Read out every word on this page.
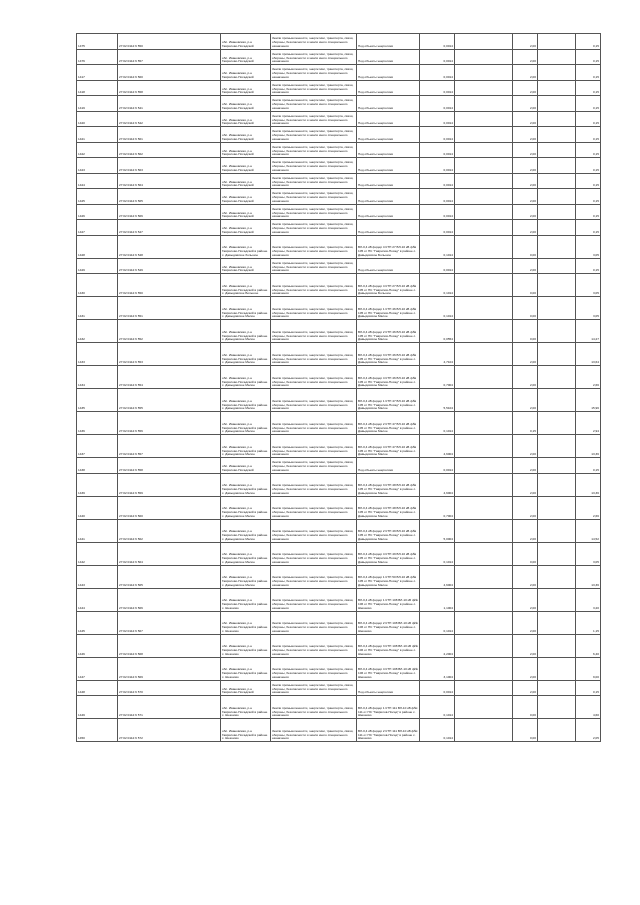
1475	27:02:0112:6 550	обл. Ивановская, р-н Гаврилово-Посадский	Земли промышленности, энергетики, транспорта, связи, обороны, безопасности и земли иного специального назначения	Под объекты энергетики	0,0014		2,00		0,15
1476	27:02:0112:6 557	обл. Ивановская, р-н Гаврилово-Посадский	Земли промышленности, энергетики, транспорта, связи, обороны, безопасности и земли иного специального назначения	Под объекты энергетики	0,0014		2,00		0,15
1417	27:02:0112:6 560	обл. Ивановская, р-н Гаврилово-Посадский	Земли промышленности, энергетики, транспорта, связи, обороны, безопасности и земли иного специального назначения	Под объекты энергетики	0,0014		2,00		0,15
1418	27:02:0112:6 558	обл. Ивановская, р-н Гаврилово-Посадский	Земли промышленности, энергетики, транспорта, связи, обороны, безопасности и земли иного специального назначения	Под объекты энергетики	0,0014		2,00		0,15
1419	27:02:0112:6 541	обл. Ивановская, р-н Гаврилово-Посадский	Земли промышленности, энергетики, транспорта, связи, обороны, безопасности и земли иного специального назначения	Под объекты энергетики	0,0014		2,00		0,15
1420	27:02:0112:6 542	обл. Ивановская, р-н Гаврилово-Посадский	Земли промышленности, энергетики, транспорта, связи, обороны, безопасности и земли иного специального назначения	Под объекты энергетики	0,0014		2,00		0,15
1421	27:02:0112:6 561	обл. Ивановская, р-н Гаврилово-Посадский	Земли промышленности, энергетики, транспорта, связи, обороны, безопасности и земли иного специального назначения	Под объекты энергетики	0,0014		2,00		0,15
1422	27:02:0112:6 562	обл. Ивановская, р-н Гаврилово-Посадский	Земли промышленности, энергетики, транспорта, связи, обороны, безопасности и земли иного специального назначения	Под объекты энергетики	0,0014		2,00		0,15
1423	27:02:0112:6 563	обл. Ивановская, р-н Гаврилово-Посадский	Земли промышленности, энергетики, транспорта, связи, обороны, безопасности и земли иного специального назначения	Под объекты энергетики	0,0014		2,00		0,15
1424	27:02:0112:6 564	обл. Ивановская, р-н Гаврилово-Посадский	Земли промышленности, энергетики, транспорта, связи, обороны, безопасности и земли иного специального назначения	Под объекты энергетики	0,0014		2,00		0,15
1425	27:02:0112:6 565	обл. Ивановская, р-н Гаврилово-Посадский	Земли промышленности, энергетики, транспорта, связи, обороны, безопасности и земли иного специального назначения	Под объекты энергетики	0,0014		2,00		0,15
1426	27:02:0112:6 566	обл. Ивановская, р-н Гаврилово-Посадский	Земли промышленности, энергетики, транспорта, связи, обороны, безопасности и земли иного специального назначения	Под объекты энергетики	0,0014		2,00		0,15
1427	27:02:0112:6 547	обл. Ивановская, р-н Гаврилово-Посадский	Земли промышленности, энергетики, транспорта, связи, обороны, безопасности и земли иного специального назначения	Под объекты энергетики	0,0014		2,00		0,15
1428	27:02:0112:6 548	обл. Ивановская, р-н Гаврилово-Посадский в районе с. Давыдовское большое	Земли промышленности, энергетики, транспорта, связи, обороны, безопасности и земли иного специального назначения	ВЛ-0,4 кВ фидер 4 КТП 27 ВЛ-10 кВ ф№ 105 от ПС "Гаврилов-Посад" в районе с. Давыдовское Большое	0,1014		0,00		3,05
1429	27:02:0112:6 549	обл. Ивановская, р-н Гаврилово-Посадский	Земли промышленности, энергетики, транспорта, связи, обороны, безопасности и земли иного специального назначения	Под объекты энергетики	0,0014		2,00		0,15
1430	27:02:0112:6 550	обл. Ивановская, р-н Гаврилово-Посадский в районе с. Давыдовское Большое	Земли промышленности, энергетики, транспорта, связи, обороны, безопасности и земли иного специального назначения	ВЛ-0,4 кВ фидер 4 КТП 27 ВЛ-10 кВ ф№ 105 от ПС "Гаврилов-Посад" в районе с. Давыдовское Большое	0,1014		0,00		3,05
1431	27:02:0112:6 551	обл. Ивановская, р-н Гаврилово-Посадский в районе с. Давыдовское Малое	Земли промышленности, энергетики, транспорта, связи, обороны, безопасности и земли иного специального назначения	ВЛ-0,4 кВ фидер 1 КТП 46 ВЛ-10 кВ ф№ 105 от ПС "Гаврилов-Посад" в районе с. Давыдовское Малое	0,1014		0,00		3,05
1432	27:02:0112:6 552	обл. Ивановская, р-н Гаврилово-Посадский в районе с. Давыдовское Малое	Земли промышленности, энергетики, транспорта, связи, обороны, безопасности и земли иного специального назначения	ВЛ-0,4 кВ фидер 2 КТП 46 ВЛ-10 кВ ф№ 105 от ПС "Гаврилов-Посад" в районе с. Давыдовское Малое	0,0554		0,00		14,27
1433	27:02:0112:6 553	обл. Ивановская, р-н Гаврилово-Посадский в районе с. Давыдовское Малое	Земли промышленности, энергетики, транспорта, связи, обороны, безопасности и земли иного специального назначения	ВЛ-0,4 кВ фидер 3 КТП 46 ВЛ-10 кВ ф№ 105 от ПС "Гаврилов-Посад" в районе с. Давыдовское Малое	4,7104		2,00		13,64
1434	27:02:0112:6 554	обл. Ивановская, р-н Гаврилово-Посадский в районе с. Давыдовское Малое	Земли промышленности, энергетики, транспорта, связи, обороны, безопасности и земли иного специального назначения	ВЛ-0,4 кВ фидер 4 КТП 46 ВЛ-10 кВ ф№ 105 от ПС "Гаврилов-Посад" в районе с. Давыдовское Малое	0,7004		2,00		2,66
1435	27:02:0112:6 555	обл. Ивановская, р-н Гаврилово-Посадский в районе с. Давыдовское Малое	Земли промышленности, энергетики, транспорта, связи, обороны, безопасности и земли иного специального назначения	ВЛ-0,4 кВ фидер 1 КТП 47 ВЛ-10 кВ ф№ 105 от ПС "Гаврилов-Посад" в районе с. Давыдовское Малое	5,5104		2,00		15,96
1436	27:02:0112:6 556	обл. Ивановская, р-н Гаврилово-Посадский в районе с. Давыдовское Малое	Земли промышленности, энергетики, транспорта, связи, обороны, безопасности и земли иного специального назначения	ВЛ-0,4 кВ фидер 2 КТП 47 ВЛ-10 кВ ф№ 105 от ПС "Гаврилов-Посад" в районе с. Давыдовское Малое	0,1014		0,15		2,94
1437	27:02:0112:6 557	обл. Ивановская, р-н Гаврилово-Посадский в районе с. Давыдовское Малое	Земли промышленности, энергетики, транспорта, связи, обороны, безопасности и земли иного специального назначения	ВЛ-0,4 кВ фидер 4 КТП 47 ВЛ-10 кВ ф№ 105 от ПС "Гаврилов-Посад" в районе с. Давыдовское Малое	4,6004		2,00		13,36
1438	27:02:0112:6 558	обл. Ивановская, р-н Гаврилово-Посадский	Земли промышленности, энергетики, транспорта, связи, обороны, безопасности и земли иного специального назначения	Под объекты энергетики	0,0014		2,00		0,15
1439	27:02:0112:6 559	обл. Ивановская, р-н Гаврилово-Посадский в районе с. Давыдовское Малое	Земли промышленности, энергетики, транспорта, связи, обороны, безопасности и земли иного специального назначения	ВЛ-0,4 кВ фидер 3 КТП 48 ВЛ-10 кВ ф№ 105 от ПС "Гаврилов-Посад" в районе с. Давыдовское Малое	4,6004		2,00		13,36
1440	27:02:0112:6 560	обл. Ивановская, р-н Гаврилово-Посадский в районе с. Давыдовское Малое	Земли промышленности, энергетики, транспорта, связи, обороны, безопасности и земли иного специального назначения	ВЛ-0,4 кВ фидер 4 КТП 48 ВЛ-10 кВ ф№ 105 от ПС "Гаврилов-Посад" в районе с. Давыдовское Малое	0,7004		2,00		2,66
1441	27:02:0112:6 562	обл. Ивановская, р-н Гаврилово-Посадский в районе с. Давыдовское Малое	Земли промышленности, энергетики, транспорта, связи, обороны, безопасности и земли иного специального назначения	ВЛ-0,4 кВ фидер 2 КТП 49 ВЛ-10 кВ ф№ 105 от ПС "Гаврилов-Посад" в районе с. Давыдовское Малое	5,0004		2,00		14,52
1442	27:02:0112:6 564	обл. Ивановская, р-н Гаврилово-Посадский в районе с. Давыдовское Малое	Земли промышленности, энергетики, транспорта, связи, обороны, безопасности и земли иного специального назначения	ВЛ-0,4 кВ фидер 4 КТП 49 ВЛ-10 кВ ф№ 105 от ПС "Гаврилов-Посад" в районе с. Давыдовское Малое	0,1014		0,00		3,05
1443	27:02:0112:6 565	обл. Ивановская, р-н Гаврилово-Посадский в районе с. Давыдовское Малое	Земли промышленности, энергетики, транспорта, связи, обороны, безопасности и земли иного специального назначения	ВЛ-0,4 кВ фидер 1 КТП 50 ВЛ-10 кВ ф№ 105 от ПС "Гаврилов-Посад" в районе с. Давыдовское Малое	4,6004		2,00		13,36
1444	27:02:0112:6 566	обл. Ивановская, р-н Гаврилово-Посадский в районе с. Шекшово	Земли промышленности, энергетики, транспорта, связи, обороны, безопасности и земли иного специального назначения	ВЛ-0,4 кВ фидер 1 КТП 108 ВЛ-10 кВ ф№ 106 от ПС "Гаврилов-Посад" в районе с. Шекшово	1,1004		2,00		3,20
1445	27:02:0112:6 567	обл. Ивановская, р-н Гаврилово-Посадский в районе с. Шекшово	Земли промышленности, энергетики, транспорта, связи, обороны, безопасности и земли иного специального назначения	ВЛ-0,4 кВ фидер 2 КТП 108 ВЛ-10 кВ ф№ 106 от ПС "Гаврилов-Посад" в районе с. Шекшово	0,1014		2,00		1,15
1446	27:02:0112:6 568	обл. Ивановская, р-н Гаврилово-Посадский в районе с. Шекшово	Земли промышленности, энергетики, транспорта, связи, обороны, безопасности и земли иного специального назначения	ВЛ-0,4 кВ фидер 3 КТП 108 ВЛ-10 кВ ф№ 106 от ПС "Гаврилов-Посад" в районе с. Шекшово	2,2004		2,00		6,40
1447	27:02:0112:6 569	обл. Ивановская, р-н Гаврилово-Посадский в районе с. Шекшово	Земли промышленности, энергетики, транспорта, связи, обороны, безопасности и земли иного специального назначения	ВЛ-0,4 кВ фидер 4 КТП 108 ВЛ-10 кВ ф№ 106 от ПС "Гаврилов-Посад" в районе с. Шекшово	3,1004		2,00		9,00
1448	27:02:0112:6 570	обл. Ивановская, р-н Гаврилово-Посадский	Земли промышленности, энергетики, транспорта, связи, обороны, безопасности и земли иного специального назначения	Под объекты энергетики	0,0014		2,00		0,15
1449	27:02:0112:6 571	обл. Ивановская, р-н Гаврилово-Посадский в районе с. Шекшово	Земли промышленности, энергетики, транспорта, связи, обороны, безопасности и земли иного специального назначения	ВЛ-0,4 кВ фидер 1 КТП 111 ВЛ-10 кВ ф№ 111 от ПС "Гаврилов-Посад" в районе с. Шекшово	0,1014		0,00		4,60
1450	27:02:0112:6 572	обл. Ивановская, р-н Гаврилово-Посадский в районе с. Шекшово	Земли промышленности, энергетики, транспорта, связи, обороны, безопасности и земли иного специального назначения	ВЛ-0,4 кВ фидер 2 КТП 111 ВЛ-10 кВ ф№ 111 от ПС "Гаврилов-Посад" в районе с. Шекшово	0,1014		0,00		2,05
